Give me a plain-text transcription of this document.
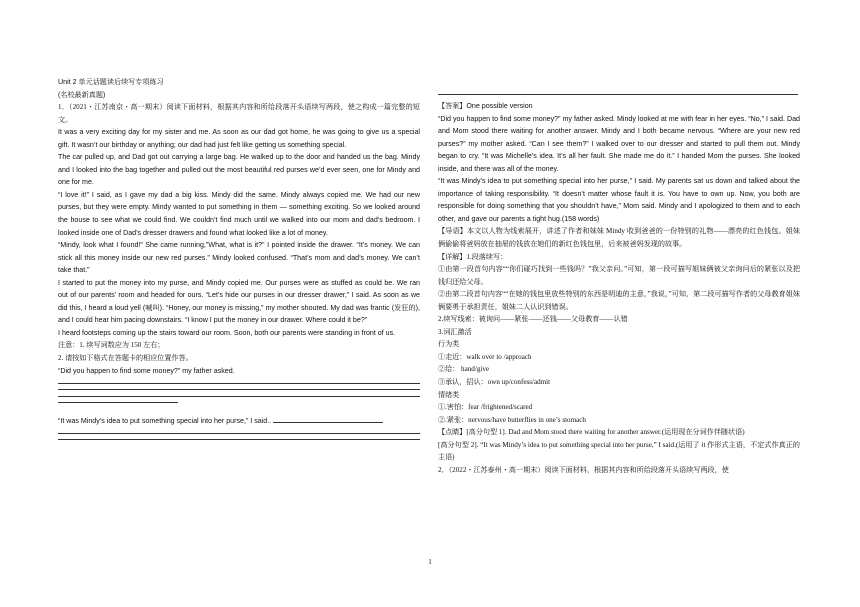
Unit 2 单元话题读后续写专项练习

(名校最新真题)

1．（2021・江苏南京・高一期末）阅读下面材料，根据其内容和所给段落开头语续写两段，使之构成一篇完整的短文。

It was a very exciting day for my sister and me. As soon as our dad got home, he was going to give us a special gift. It wasn’t our birthday or anything; our dad had just felt like getting us something special.

The car pulled up, and Dad got out carrying a large bag. He walked up to the door and handed us the bag. Mindy and I looked into the bag together and pulled out the most beautiful red purses we’d ever seen, one for Mindy and one for me.

“I love it!” I said, as I gave my dad a big kiss. Mindy did the same. Mindy always copied me. We had our new purses, but they were empty. Mindy wanted to put something in them — something exciting. So we looked around the house to see what we could find. We couldn’t find much until we walked into our mom and dad’s bedroom. I looked inside one of Dad’s dresser drawers and found what looked like a lot of money.

“Mindy, look what I found!” She came running,"What, what is it?" I pointed inside the drawer. “It’s money. We can stick all this money inside our new red purses.” Mindy looked confused. “That’s mom and dad’s money. We can’t take that.”

I started to put the money into my purse, and Mindy copied me. Our purses were as stuffed as could be. We ran out of our parents’ room and headed for ours. “Let’s hide our purses in our dresser drawer,” I said. As soon as we did this, I heard a loud yell (喊叫). “Honey, our money is missing,” my mother shouted. My dad was frantic (发狂的), and I could hear him pacing downstairs. “I know I put the money in our drawer. Where could it be?”

I heard footsteps coming up the stairs toward our room. Soon, both our parents were standing in front of us.

注意：1. 续写词数应为 150 左右；

2. 请按如下格式在答题卡的相应位置作答。

“Did you happen to find some money?” my father asked.

“It was Mindy’s idea to put something special into her purse,” I said..

【答案】One possible version

“Did you happen to find some money?” my father asked. Mindy looked at me with fear in her eyes. “No,” I said. Dad and Mom stood there waiting for another answer. Mindy and I both became nervous. “Where are your new red purses?” my mother asked. “Can I see them?” I walked over to our dresser and started to pull them out. Mindy began to cry. “It was Michelle’s idea. It’s all her fault. She made me do it.” I handed Mom the purses. She looked inside, and there was all of the money.

“It was Mindy’s idea to put something special into her purse,” I said. My parents sat us down and talked about the importance of taking responsibility. “It doesn’t matter whose fault it is. You have to own up. Now, you both are responsible for doing something that you shouldn’t have,” Mom said. Mindy and I apologized to them and to each other, and gave our parents a tight hug.(158 words)

【导语】本文以人物为线索展开，讲述了作者和妹妹 Mindy 收到爸爸的一份特别的礼物——漂亮的红色钱包。姐妹俩偷偷将爸妈放在抽屉的钱放在她们的新红色钱包里，后来被爸妈发现的故事。

【详解】1.段落续写：

①由第一段首句内容““你们碰巧找到一些钱吗？”我父亲问。”可知，第一段可描写姐妹俩被父亲询问后的紧张以及把钱归还给父母。

②由第二段首句内容““在她的钱包里放些特别的东西是明迪的主意，”我说，”可知，第二段可描写作者的父母教育姐妹俩要勇于承担责任，姐妹二人认识到错误。

2.续写线索：被询问——紧张——还钱——父母教育——认错

3.词汇激活

行为类

①走近：walk over to /approach

②给： hand/give

③承认，招认：own up/confess/admit

情绪类

①.害怕：fear /frightened/scared

②.紧张：nervous/have butterflies in one’s stomach

【点睛】[高分句型 1]. Dad and Mom stood there waiting for another answer.(运用现在分词作伴随状语)

[高分句型 2]. “It was Mindy’s idea to put something special into her purse,” I said.(运用了 it 作形式主语，不定式作真正的主语)

2．（2022・江苏泰州・高一期末）阅读下面材料，根据其内容和所给段落开头语续写两段，使

1
